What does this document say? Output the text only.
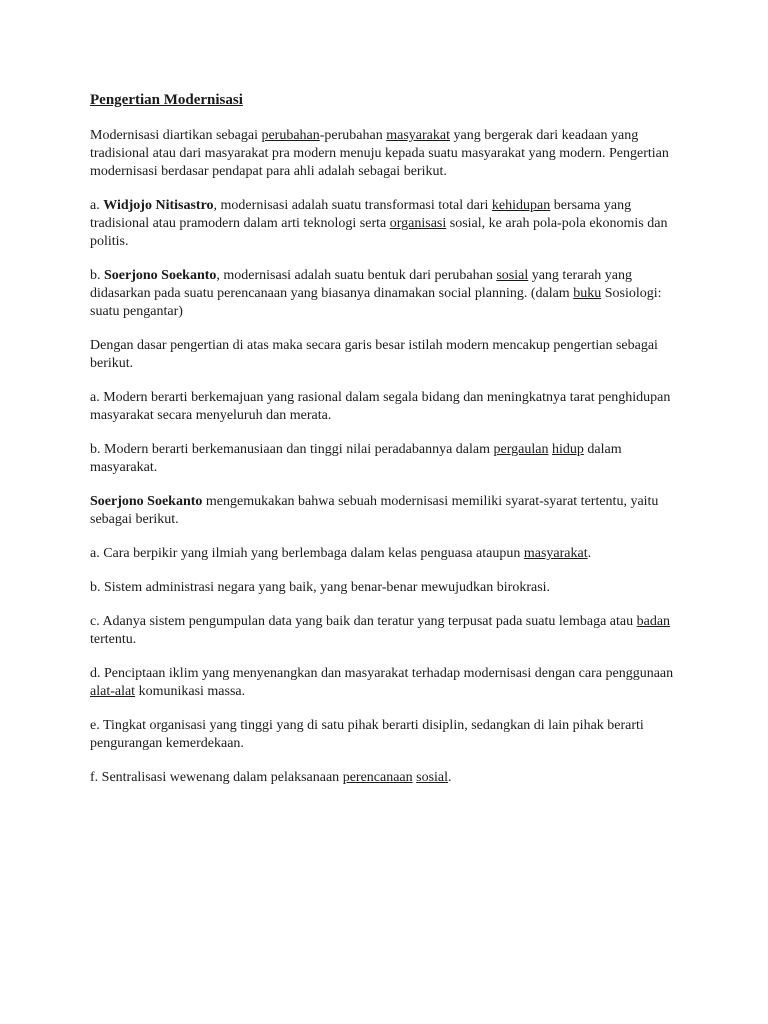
Pengertian Modernisasi

Modernisasi diartikan sebagai perubahan-perubahan masyarakat yang bergerak dari keadaan yang tradisional atau dari masyarakat pra modern menuju kepada suatu masyarakat yang modern. Pengertian modernisasi berdasar pendapat para ahli adalah sebagai berikut.

a. Widjojo Nitisastro, modernisasi adalah suatu transformasi total dari kehidupan bersama yang tradisional atau pramodern dalam arti teknologi serta organisasi sosial, ke arah pola-pola ekonomis dan politis.

b. Soerjono Soekanto, modernisasi adalah suatu bentuk dari perubahan sosial yang terarah yang didasarkan pada suatu perencanaan yang biasanya dinamakan social planning. (dalam buku Sosiologi: suatu pengantar)

Dengan dasar pengertian di atas maka secara garis besar istilah modern mencakup pengertian sebagai berikut.

a. Modern berarti berkemajuan yang rasional dalam segala bidang dan meningkatnya tarat penghidupan masyarakat secara menyeluruh dan merata.

b. Modern berarti berkemanusiaan dan tinggi nilai peradabannya dalam pergaulan hidup dalam masyarakat.

Soerjono Soekanto mengemukakan bahwa sebuah modernisasi memiliki syarat-syarat tertentu, yaitu sebagai berikut.

a. Cara berpikir yang ilmiah yang berlembaga dalam kelas penguasa ataupun masyarakat.

b. Sistem administrasi negara yang baik, yang benar-benar mewujudkan birokrasi.

c. Adanya sistem pengumpulan data yang baik dan teratur yang terpusat pada suatu lembaga atau badan tertentu.

d. Penciptaan iklim yang menyenangkan dan masyarakat terhadap modernisasi dengan cara penggunaan alat-alat komunikasi massa.

e. Tingkat organisasi yang tinggi yang di satu pihak berarti disiplin, sedangkan di lain pihak berarti pengurangan kemerdekaan.

f. Sentralisasi wewenang dalam pelaksanaan perencanaan sosial.
